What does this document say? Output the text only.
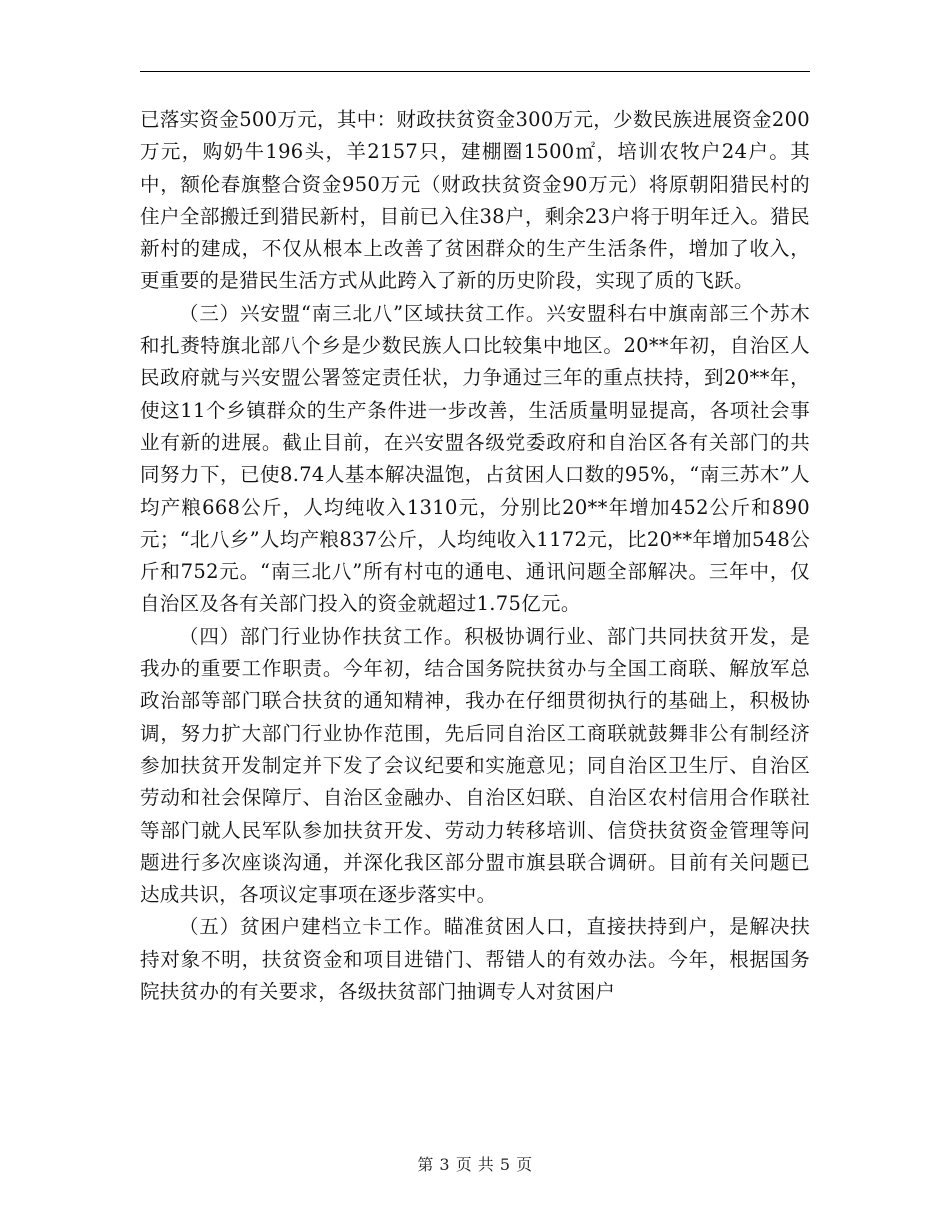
已落实资金500万元，其中：财政扶贫资金300万元，少数民族进展资金200万元，购奶牛196头，羊2157只，建棚圈1500㎡，培训农牧户24户。其中，额伦春旗整合资金950万元（财政扶贫资金90万元）将原朝阳猎民村的住户全部搬迁到猎民新村，目前已入住38户，剩余23户将于明年迁入。猎民新村的建成，不仅从根本上改善了贫困群众的生产生活条件，增加了收入，更重要的是猎民生活方式从此跨入了新的历史阶段，实现了质的飞跃。

（三）兴安盟“南三北八”区域扶贫工作。兴安盟科右中旗南部三个苏木和扎赉特旗北部八个乡是少数民族人口比较集中地区。20**年初，自治区人民政府就与兴安盟公署签定责任状，力争通过三年的重点扶持，到20**年，使这11个乡镇群众的生产条件进一步改善，生活质量明显提高，各项社会事业有新的进展。截止目前，在兴安盟各级党委政府和自治区各有关部门的共同努力下，已使8.74人基本解决温饱，占贫困人口数的95%，“南三苏木”人均产粮668公斤，人均纯收入1310元，分别比20**年增加452公斤和890元；“北八乡”人均产粮837公斤，人均纯收入1172元，比20**年增加548公斤和752元。“南三北八”所有村屯的通电、通讯问题全部解决。三年中，仅自治区及各有关部门投入的资金就超过1.75亿元。

（四）部门行业协作扶贫工作。积极协调行业、部门共同扶贫开发，是我办的重要工作职责。今年初，结合国务院扶贫办与全国工商联、解放军总政治部等部门联合扶贫的通知精神，我办在仔细贯彻执行的基础上，积极协调，努力扩大部门行业协作范围，先后同自治区工商联就鼓舞非公有制经济参加扶贫开发制定并下发了会议纪要和实施意见；同自治区卫生厅、自治区劳动和社会保障厅、自治区金融办、自治区妇联、自治区农村信用合作联社等部门就人民军队参加扶贫开发、劳动力转移培训、信贷扶贫资金管理等问题进行多次座谈沟通，并深化我区部分盟市旗县联合调研。目前有关问题已达成共识，各项议定事项在逐步落实中。

（五）贫困户建档立卡工作。瞄准贫困人口，直接扶持到户，是解决扶持对象不明，扶贫资金和项目进错门、帮错人的有效办法。今年，根据国务院扶贫办的有关要求，各级扶贫部门抽调专人对贫困户

第 3 页 共 5 页
